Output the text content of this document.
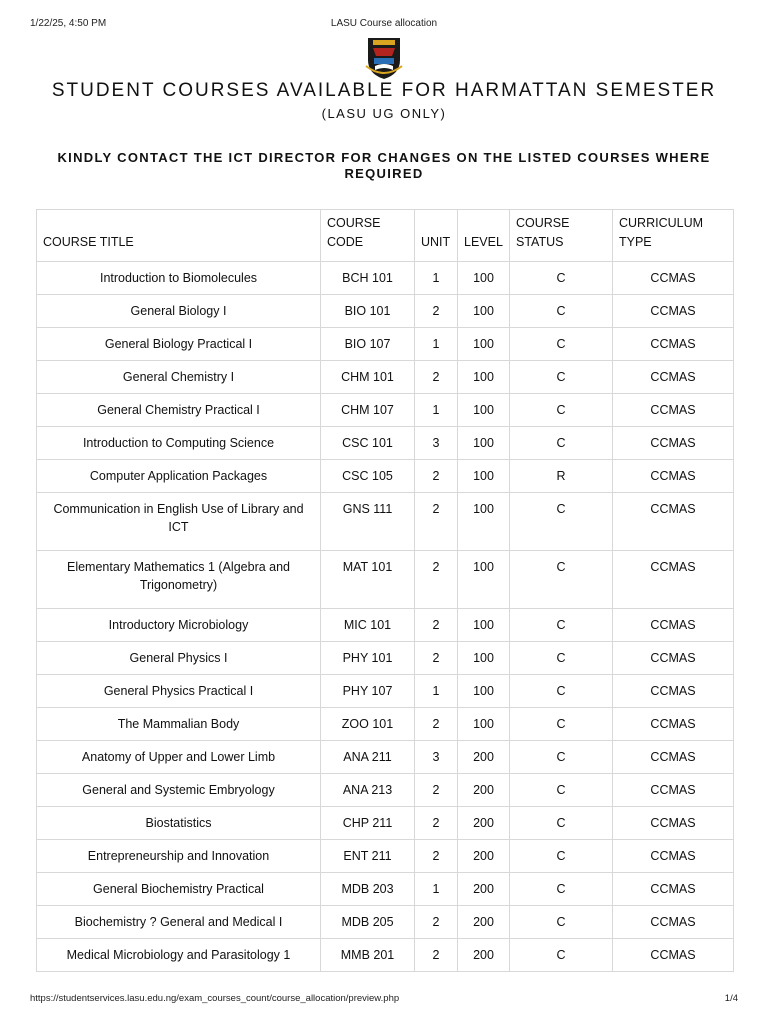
1/22/25, 4:50 PM	LASU Course allocation
STUDENT COURSES AVAILABLE FOR HARMATTAN SEMESTER
(LASU UG ONLY)
KINDLY CONTACT THE ICT DIRECTOR FOR CHANGES ON THE LISTED COURSES WHERE REQUIRED
COURSE TITLE	COURSE CODE	UNIT	LEVEL	COURSE STATUS	CURRICULUM TYPE
Introduction to Biomolecules	BCH 101	1	100	C	CCMAS
General Biology I	BIO 101	2	100	C	CCMAS
General Biology Practical I	BIO 107	1	100	C	CCMAS
General Chemistry I	CHM 101	2	100	C	CCMAS
General Chemistry Practical I	CHM 107	1	100	C	CCMAS
Introduction to Computing Science	CSC 101	3	100	C	CCMAS
Computer Application Packages	CSC 105	2	100	R	CCMAS
Communication in English Use of Library and ICT	GNS 111	2	100	C	CCMAS
Elementary Mathematics 1 (Algebra and Trigonometry)	MAT 101	2	100	C	CCMAS
Introductory Microbiology	MIC 101	2	100	C	CCMAS
General Physics I	PHY 101	2	100	C	CCMAS
General Physics Practical I	PHY 107	1	100	C	CCMAS
The Mammalian Body	ZOO 101	2	100	C	CCMAS
Anatomy of Upper and Lower Limb	ANA 211	3	200	C	CCMAS
General and Systemic Embryology	ANA 213	2	200	C	CCMAS
Biostatistics	CHP 211	2	200	C	CCMAS
Entrepreneurship and Innovation	ENT 211	2	200	C	CCMAS
General Biochemistry Practical	MDB 203	1	200	C	CCMAS
Biochemistry ? General and Medical I	MDB 205	2	200	C	CCMAS
Medical Microbiology and Parasitology 1	MMB 201	2	200	C	CCMAS
https://studentservices.lasu.edu.ng/exam_courses_count/course_allocation/preview.php	1/4
